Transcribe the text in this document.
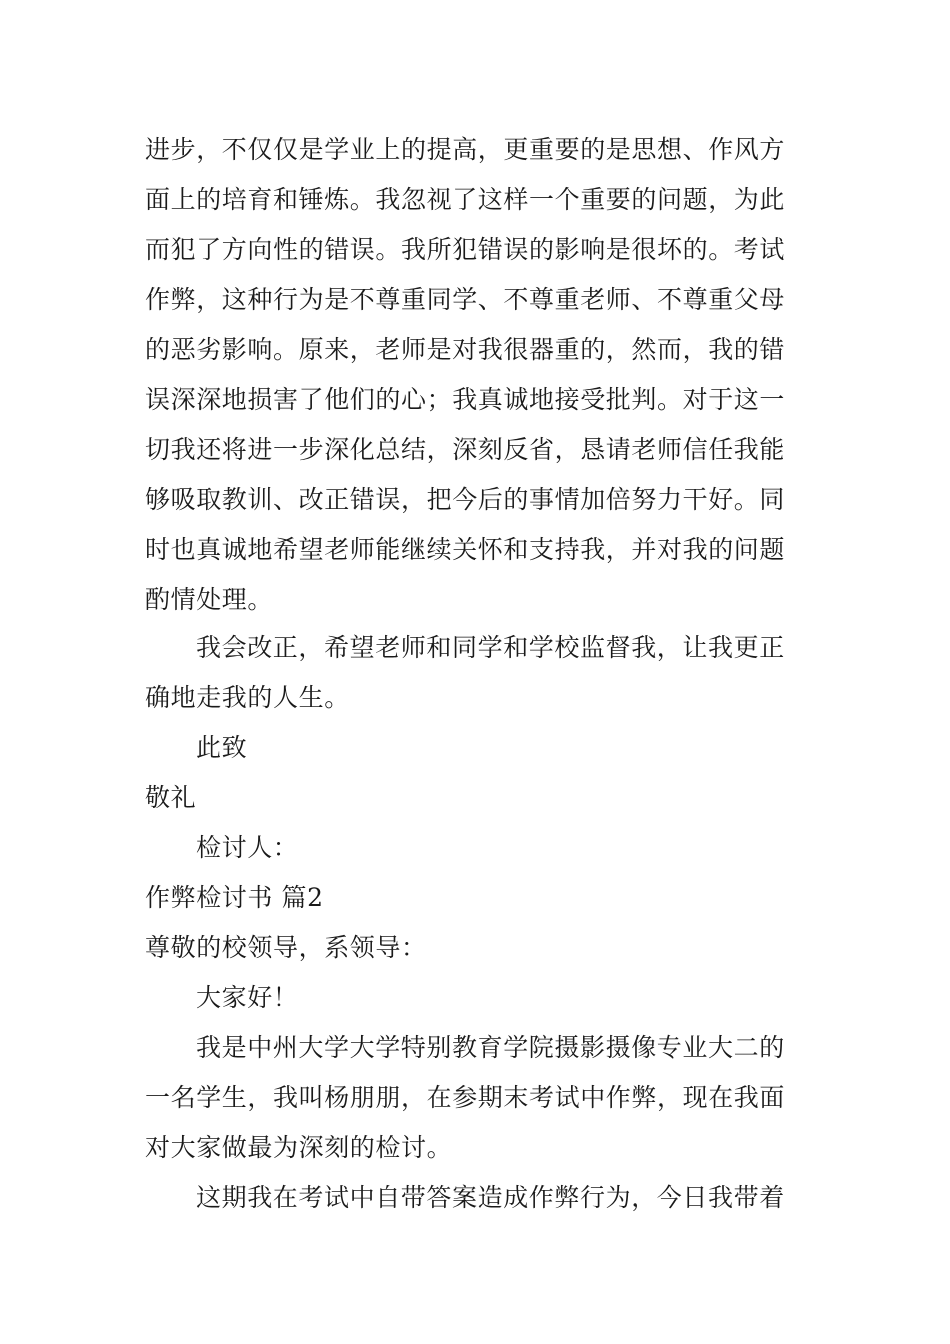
进步，不仅仅是学业上的提高，更重要的是思想、作风方
面上的培育和锤炼。我忽视了这样一个重要的问题，为此
而犯了方向性的错误。我所犯错误的影响是很坏的。考试
作弊，这种行为是不尊重同学、不尊重老师、不尊重父母
的恶劣影响。原来，老师是对我很器重的，然而，我的错
误深深地损害了他们的心；我真诚地接受批判。对于这一
切我还将进一步深化总结，深刻反省，恳请老师信任我能
够吸取教训、改正错误，把今后的事情加倍努力干好。同
时也真诚地希望老师能继续关怀和支持我，并对我的问题
酌情处理。
我会改正，希望老师和同学和学校监督我，让我更正
确地走我的人生。
此致
敬礼
检讨人：
作弊检讨书 篇2
尊敬的校领导，系领导：
大家好！
我是中州大学大学特别教育学院摄影摄像专业大二的
一名学生，我叫杨朋朋，在参期末考试中作弊，现在我面
对大家做最为深刻的检讨。
这期我在考试中自带答案造成作弊行为，今日我带着
